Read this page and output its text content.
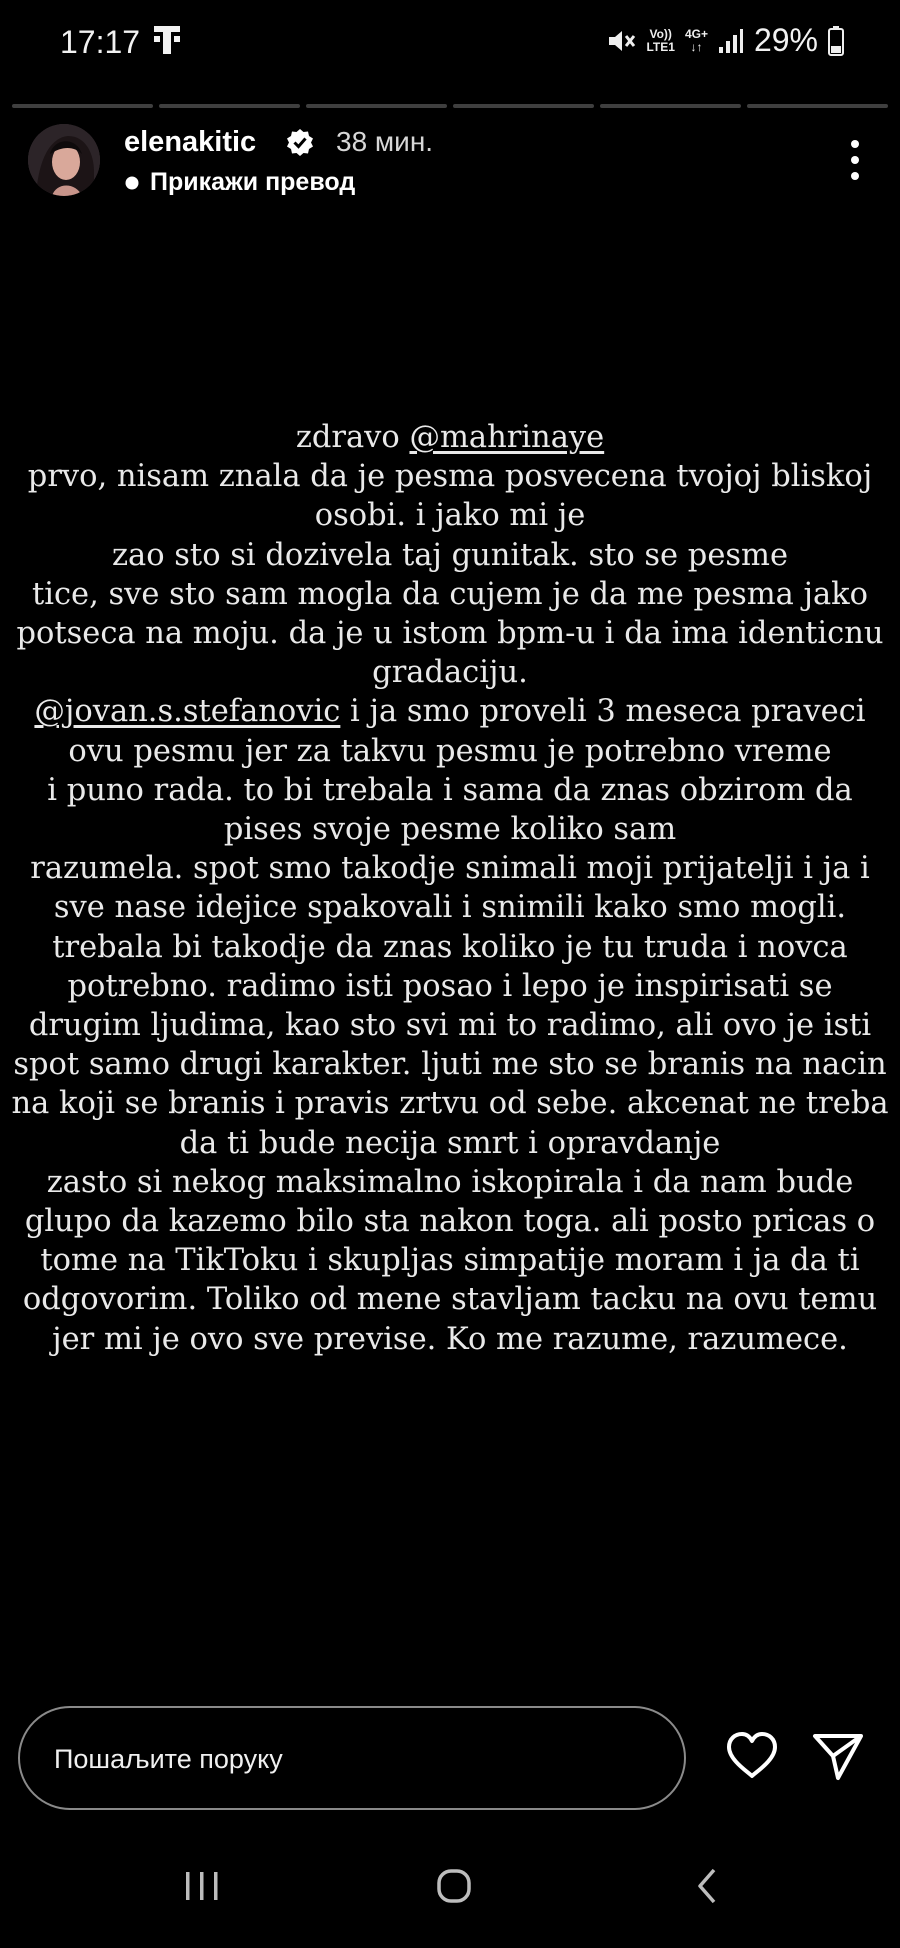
17:17	Vo))
LTE1
4G+
↓↑ 29%
elenakitic	38 мин.
Прикажи превод
zdravo @mahrinaye
prvo, nisam znala da je pesma posvecena tvojoj bliskoj
osobi. i jako mi je
zao sto si dozivela taj gunitak. sto se pesme
tice, sve sto sam mogla da cujem je da me pesma jako
potseca na moju. da je u istom bpm-u i da ima identicnu
gradaciju.
@jovan.s.stefanovic i ja smo proveli 3 meseca praveci
ovu pesmu jer za takvu pesmu je potrebno vreme
i puno rada. to bi trebala i sama da znas obzirom da
pises svoje pesme koliko sam
razumela. spot smo takodje snimali moji prijatelji i ja i
sve nase idejice spakovali i snimili kako smo mogli.
trebala bi takodje da znas koliko je tu truda i novca
potrebno. radimo isti posao i lepo je inspirisati se
drugim ljudima, kao sto svi mi to radimo, ali ovo je isti
spot samo drugi karakter. ljuti me sto se branis na nacin
na koji se branis i pravis zrtvu od sebe. akcenat ne treba
da ti bude necija smrt i opravdanje
zasto si nekog maksimalno iskopirala i da nam bude
glupo da kazemo bilo sta nakon toga. ali posto pricas o
tome na TikToku i skupljas simpatije moram i ja da ti
odgovorim. Toliko od mene stavljam tacku na ovu temu
jer mi je ovo sve previse. Ko me razume, razumece.
Пошаљите поруку
